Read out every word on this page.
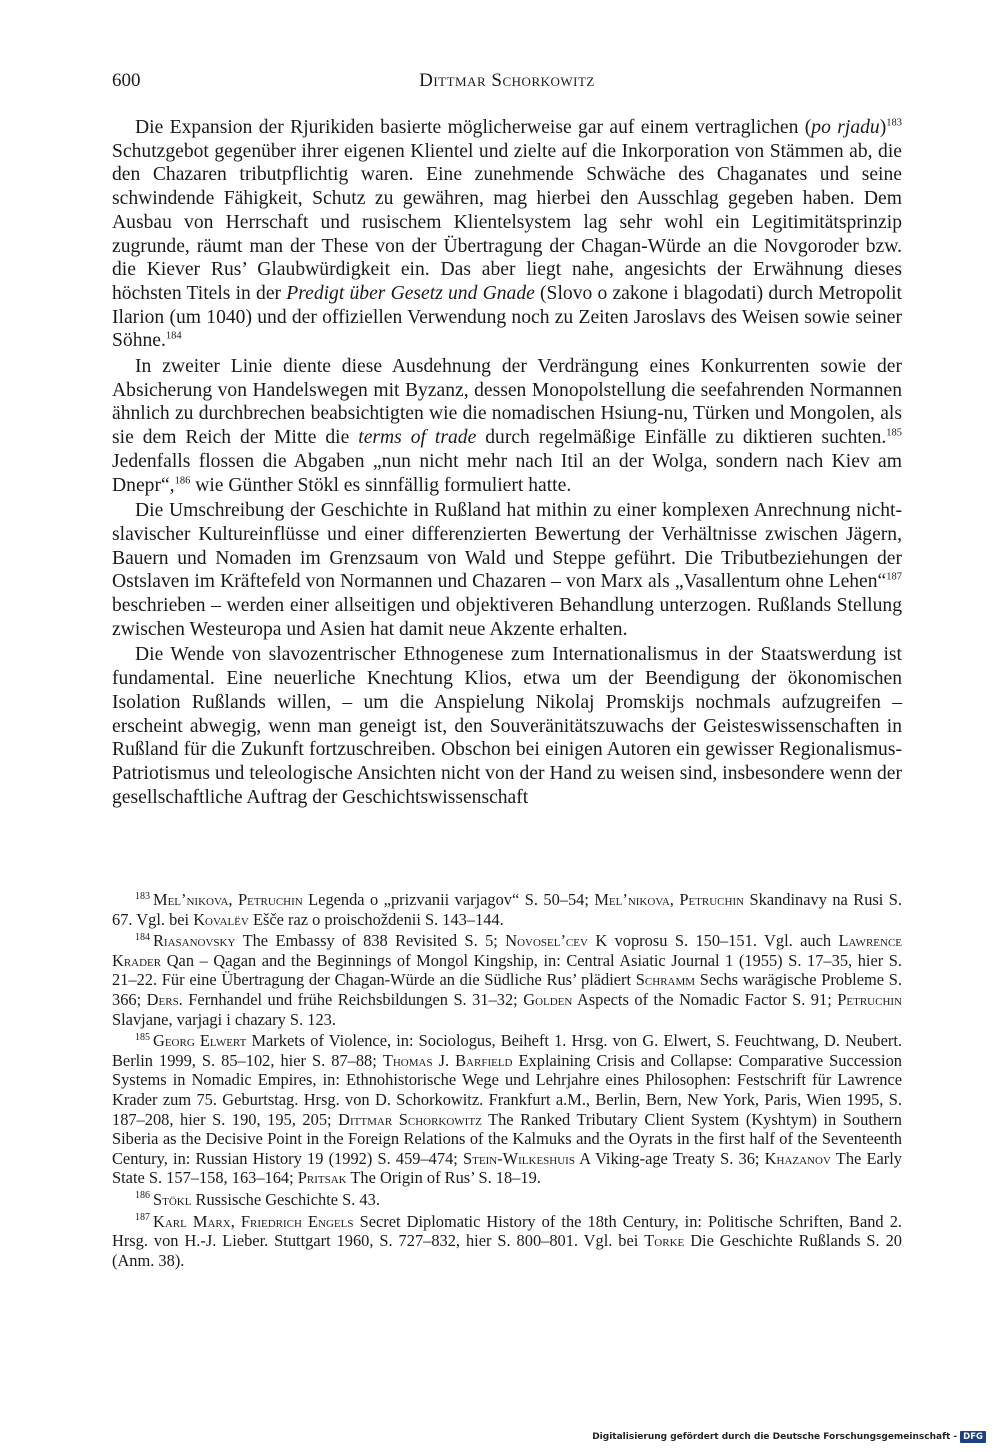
600	Dittmar Schorkowitz

Die Expansion der Rjurikiden basierte möglicherweise gar auf einem vertraglichen (po rjadu)$^{183}$ Schutzgebot gegenüber ihrer eigenen Klientel und zielte auf die Inkorporation von Stämmen ab, die den Chazaren tributpflichtig waren. Eine zunehmende Schwäche des Chaganates und seine schwindende Fähigkeit, Schutz zu gewähren, mag hierbei den Ausschlag gegeben haben. Dem Ausbau von Herrschaft und rusischem Klientelsystem lag sehr wohl ein Legitimitätsprinzip zugrunde, räumt man der These von der Übertragung der Chagan-Würde an die Novgoroder bzw. die Kiever Rus’ Glaubwürdigkeit ein. Das aber liegt nahe, angesichts der Erwähnung dieses höchsten Titels in der Predigt über Gesetz und Gnade (Slovo o zakone i blagodati) durch Metropolit Ilarion (um 1040) und der offiziellen Verwendung noch zu Zeiten Jaroslavs des Weisen sowie seiner Söhne.$^{184}$

In zweiter Linie diente diese Ausdehnung der Verdrängung eines Konkurrenten sowie der Absicherung von Handelswegen mit Byzanz, dessen Monopolstellung die seefahrenden Normannen ähnlich zu durchbrechen beabsichtigten wie die nomadischen Hsiung-nu, Türken und Mongolen, als sie dem Reich der Mitte die terms of trade durch regelmäßige Einfälle zu diktieren suchten.$^{185}$ Jedenfalls flossen die Abgaben „nun nicht mehr nach Itil an der Wolga, sondern nach Kiev am Dnepr“,$^{186}$ wie Günther Stökl es sinnfällig formuliert hatte.

Die Umschreibung der Geschichte in Rußland hat mithin zu einer komplexen Anrechnung nicht-slavischer Kultureinflüsse und einer differenzierten Bewertung der Verhältnisse zwischen Jägern, Bauern und Nomaden im Grenzsaum von Wald und Steppe geführt. Die Tributbeziehungen der Ostslaven im Kräftefeld von Normannen und Chazaren – von Marx als „Vasallentum ohne Lehen“$^{187}$ beschrieben – werden einer allseitigen und objektiveren Behandlung unterzogen. Rußlands Stellung zwischen Westeuropa und Asien hat damit neue Akzente erhalten.

Die Wende von slavozentrischer Ethnogenese zum Internationalismus in der Staatswerdung ist fundamental. Eine neuerliche Knechtung Klios, etwa um der Beendigung der ökonomischen Isolation Rußlands willen, – um die Anspielung Nikolaj Promskijs nochmals aufzugreifen – erscheint abwegig, wenn man geneigt ist, den Souveränitätszuwachs der Geisteswissenschaften in Rußland für die Zukunft fortzuschreiben. Obschon bei einigen Autoren ein gewisser Regionalismus-Patriotismus und teleologische Ansichten nicht von der Hand zu weisen sind, insbesondere wenn der gesellschaftliche Auftrag der Geschichtswissenschaft

$^{183}$ Mel’nikova, Petruchin Legenda o „prizvanii varjagov“ S. 50–54; Mel’nikova, Petruchin Skandinavy na Rusi S. 67. Vgl. bei Kovalëv Ešče raz o proischoždenii S. 143–144.

$^{184}$ Riasanovsky The Embassy of 838 Revisited S. 5; Novosel’cev K voprosu S. 150–151. Vgl. auch Lawrence Krader Qan – Qagan and the Beginnings of Mongol Kingship, in: Central Asiatic Journal 1 (1955) S. 17–35, hier S. 21–22. Für eine Übertragung der Chagan-Würde an die Südliche Rus’ plädiert Schramm Sechs warägische Probleme S. 366; Ders. Fernhandel und frühe Reichsbildungen S. 31–32; Golden Aspects of the Nomadic Factor S. 91; Petruchin Slavjane, varjagi i chazary S. 123.

$^{185}$ Georg Elwert Markets of Violence, in: Sociologus, Beiheft 1. Hrsg. von G. Elwert, S. Feuchtwang, D. Neubert. Berlin 1999, S. 85–102, hier S. 87–88; Thomas J. Barfield Explaining Crisis and Collapse: Comparative Succession Systems in Nomadic Empires, in: Ethnohistorische Wege und Lehrjahre eines Philosophen: Festschrift für Lawrence Krader zum 75. Geburtstag. Hrsg. von D. Schorkowitz. Frankfurt a.M., Berlin, Bern, New York, Paris, Wien 1995, S. 187–208, hier S. 190, 195, 205; Dittmar Schorkowitz The Ranked Tributary Client System (Kyshtym) in Southern Siberia as the Decisive Point in the Foreign Relations of the Kalmuks and the Oyrats in the first half of the Seventeenth Century, in: Russian History 19 (1992) S. 459–474; Stein-Wilkeshuis A Viking-age Treaty S. 36; Khazanov The Early State S. 157–158, 163–164; Pritsak The Origin of Rus’ S. 18–19.

$^{186}$ Stökl Russische Geschichte S. 43.

$^{187}$ Karl Marx, Friedrich Engels Secret Diplomatic History of the 18th Century, in: Politische Schriften, Band 2. Hrsg. von H.-J. Lieber. Stuttgart 1960, S. 727–832, hier S. 800–801. Vgl. bei Torke Die Geschichte Rußlands S. 20 (Anm. 38).

Digitalisierung gefördert durch die Deutsche Forschungsgemeinschaft - DFG
